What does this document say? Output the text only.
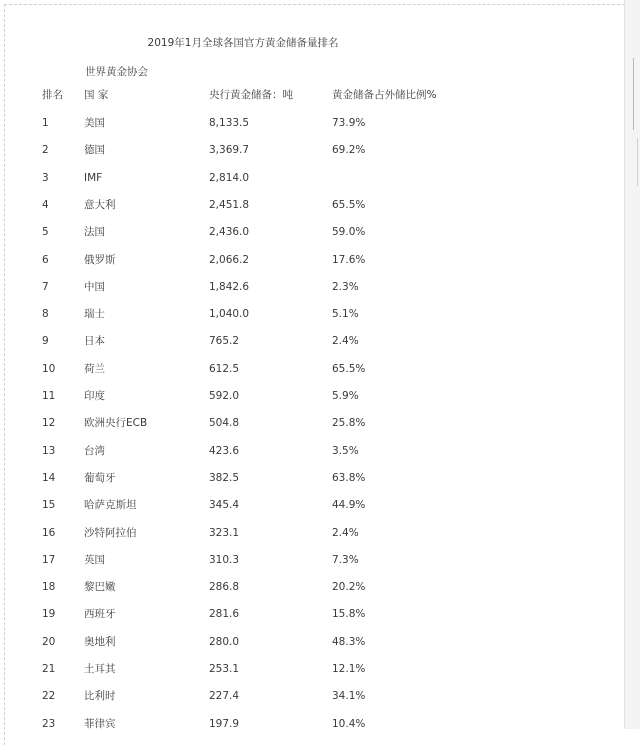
2019年1月全球各国官方黄金储备量排名
世界黄金协会
排名 国 家	央行黄金储备：吨	黄金储备占外储比例%
1	美国	8,133.5	73.9%
2	德国	3,369.7	69.2%
3	IMF	2,814.0
4	意大利	2,451.8	65.5%
5	法国	2,436.0	59.0%
6	俄罗斯	2,066.2	17.6%
7	中国	1,842.6	2.3%
8	瑞士	1,040.0	5.1%
9	日本	765.2	2.4%
10	荷兰	612.5	65.5%
11	印度	592.0	5.9%
12	欧洲央行ECB	504.8	25.8%
13	台湾	423.6	3.5%
14	葡萄牙	382.5	63.8%
15	哈萨克斯坦	345.4	44.9%
16	沙特阿拉伯	323.1	2.4%
17	英国	310.3	7.3%
18	黎巴嫩	286.8	20.2%
19	西班牙	281.6	15.8%
20	奥地利	280.0	48.3%
21	土耳其	253.1	12.1%
22	比利时	227.4	34.1%
23	菲律宾	197.9	10.4%
